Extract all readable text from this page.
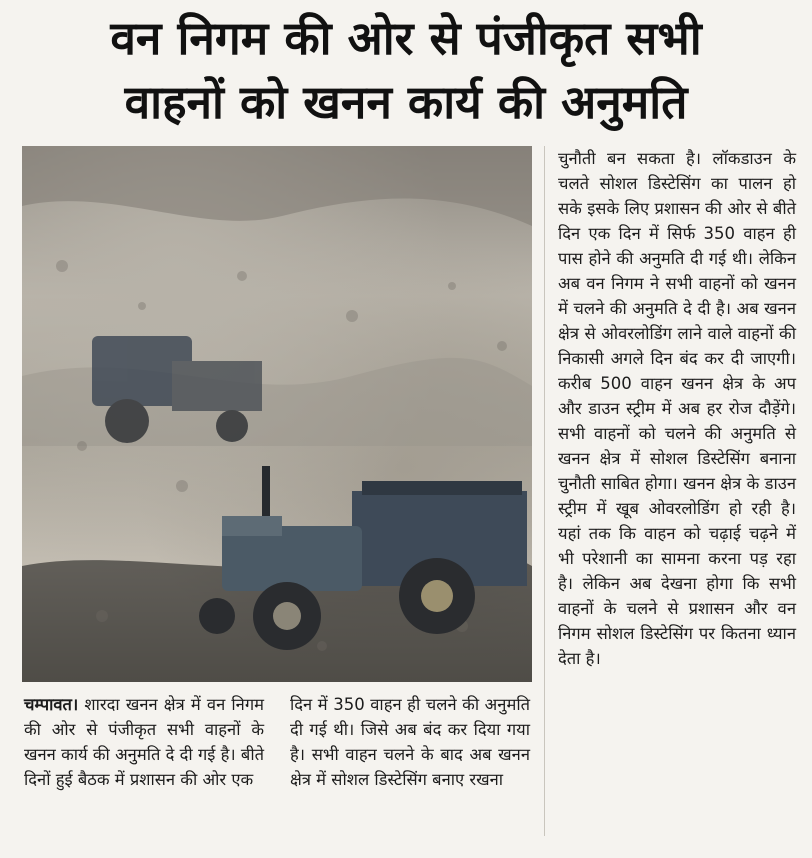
वन निगम की ओर से पंजीकृत सभी
वाहनों को खनन कार्य की अनुमति

चुनौती बन सकता है। लॉकडाउन के चलते सोशल डिस्टेसिंग का पालन हो सके इसके लिए प्रशासन की ओर से बीते दिन एक दिन में सिर्फ 350 वाहन ही पास होने की अनुमति दी गई थी। लेकिन अब वन निगम ने सभी वाहनों को खनन में चलने की अनुमति दे दी है। अब खनन क्षेत्र से ओवरलोडिंग लाने वाले वाहनों की निकासी अगले दिन बंद कर दी जाएगी। करीब 500 वाहन खनन क्षेत्र के अप और डाउन स्ट्रीम में अब हर रोज दौड़ेंगे। सभी वाहनों को चलने की अनुमति से खनन क्षेत्र में सोशल डिस्टेसिंग बनाना चुनौती साबित होगा। खनन क्षेत्र के डाउन स्ट्रीम में खूब ओवरलोडिंग हो रही है। यहां तक कि वाहन को चढ़ाई चढ़ने में भी परेशानी का सामना करना पड़ रहा है। लेकिन अब देखना होगा कि सभी वाहनों के चलने से प्रशासन और वन निगम सोशल डिस्टेसिंग पर कितना ध्यान देता है।

चम्पावत। शारदा खनन क्षेत्र में वन निगम की ओर से पंजीकृत सभी वाहनों के खनन कार्य की अनुमति दे दी गई है। बीते दिनों हुई बैठक में प्रशासन की ओर एक

दिन में 350 वाहन ही चलने की अनुमति दी गई थी। जिसे अब बंद कर दिया गया है। सभी वाहन चलने के बाद अब खनन क्षेत्र में सोशल डिस्टेसिंग बनाए रखना
